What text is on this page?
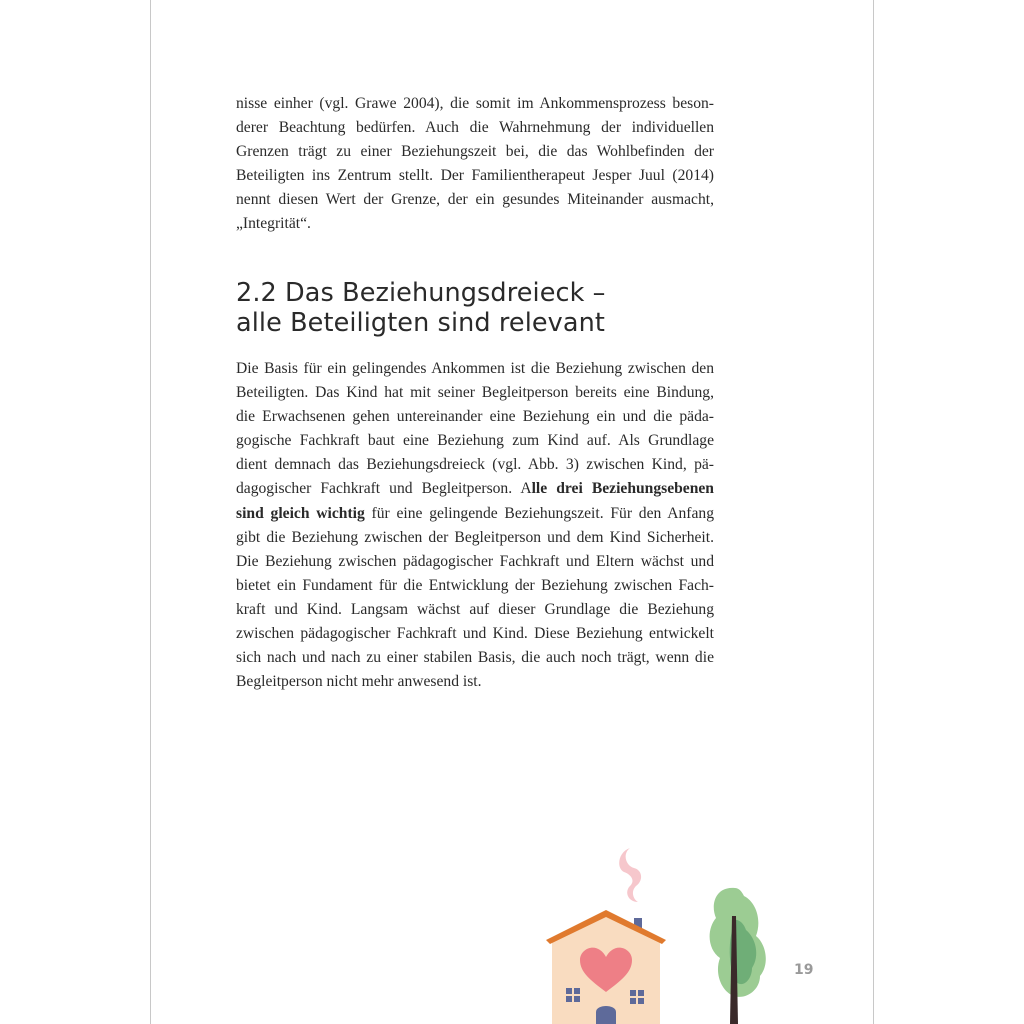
nisse einher (vgl. Grawe 2004), die somit im Ankommensprozess beson-
derer Beachtung bedürfen. Auch die Wahrnehmung der individuellen
Grenzen trägt zu einer Beziehungszeit bei, die das Wohlbefinden der
Beteiligten ins Zentrum stellt. Der Familientherapeut Jesper Juul (2014)
nennt diesen Wert der Grenze, der ein gesundes Miteinander ausmacht,
„Integrität“.
2.2 Das Beziehungsdreieck –
alle Beteiligten sind relevant
Die Basis für ein gelingendes Ankommen ist die Beziehung zwischen den
Beteiligten. Das Kind hat mit seiner Begleitperson bereits eine Bindung,
die Erwachsenen gehen untereinander eine Beziehung ein und die päda-
gogische Fachkraft baut eine Beziehung zum Kind auf. Als Grundlage
dient demnach das Beziehungsdreieck (vgl. Abb. 3) zwischen Kind, pä-
dagogischer Fachkraft und Begleitperson. Alle drei Beziehungsebenen
sind gleich wichtig für eine gelingende Beziehungszeit. Für den Anfang
gibt die Beziehung zwischen der Begleitperson und dem Kind Sicherheit.
Die Beziehung zwischen pädagogischer Fachkraft und Eltern wächst und
bietet ein Fundament für die Entwicklung der Beziehung zwischen Fach-
kraft und Kind. Langsam wächst auf dieser Grundlage die Beziehung
zwischen pädagogischer Fachkraft und Kind. Diese Beziehung entwickelt
sich nach und nach zu einer stabilen Basis, die auch noch trägt, wenn die
Begleitperson nicht mehr anwesend ist.
19
